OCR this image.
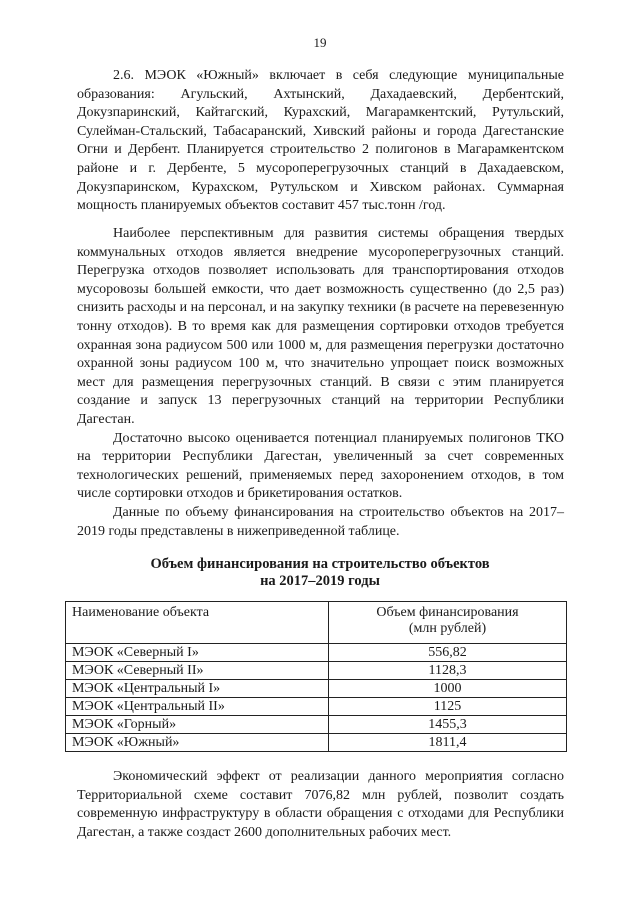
19

2.6. МЭОК «Южный» включает в себя следующие муниципальные образования: Агульский, Ахтынский, Дахадаевский, Дербентский, Докузпаринский, Кайтагский, Курахский, Магарамкентский, Рутульский, Сулейман-Стальский, Табасаранский, Хивский районы и города Дагестанские Огни и Дербент. Планируется строительство 2 полигонов в Магарамкентском районе и г. Дербенте, 5 мусороперегрузочных станций в Дахадаевском, Докузпаринском, Курахском, Рутульском и Хивском районах. Суммарная мощность планируемых объектов составит 457 тыс.тонн /год.

Наиболее перспективным для развития системы обращения твердых коммунальных отходов является внедрение мусороперегрузочных станций. Перегрузка отходов позволяет использовать для транспортирования отходов мусоровозы большей емкости, что дает возможность существенно (до 2,5 раз) снизить расходы и на персонал, и на закупку техники (в расчете на перевезенную тонну отходов). В то время как для размещения сортировки отходов требуется охранная зона радиусом 500 или 1000 м, для размещения перегрузки достаточно охранной зоны радиусом 100 м, что значительно упрощает поиск возможных мест для размещения перегрузочных станций. В связи с этим планируется создание и запуск 13 перегрузочных станций на территории Республики Дагестан.

Достаточно высоко оценивается потенциал планируемых полигонов ТКО на территории Республики Дагестан, увеличенный за счет современных технологических решений, применяемых перед захоронением отходов, в том числе сортировки отходов и брикетирования остатков.

Данные по объему финансирования на строительство объектов на 2017–2019 годы представлены в нижеприведенной таблице.

Объем финансирования на строительство объектов
на 2017–2019 годы
Наименование объекта	Объем финансирования
(млн рублей)

МЭОК «Северный I»	556,82
МЭОК «Северный II»	1128,3
МЭОК «Центральный I»	1000
МЭОК «Центральный II»	1125
МЭОК «Горный»	1455,3
МЭОК «Южный»	1811,4

Экономический эффект от реализации данного мероприятия согласно Территориальной схеме составит 7076,82 млн рублей, позволит создать современную инфраструктуру в области обращения с отходами для Республики Дагестан, а также создаст 2600 дополнительных рабочих мест.
